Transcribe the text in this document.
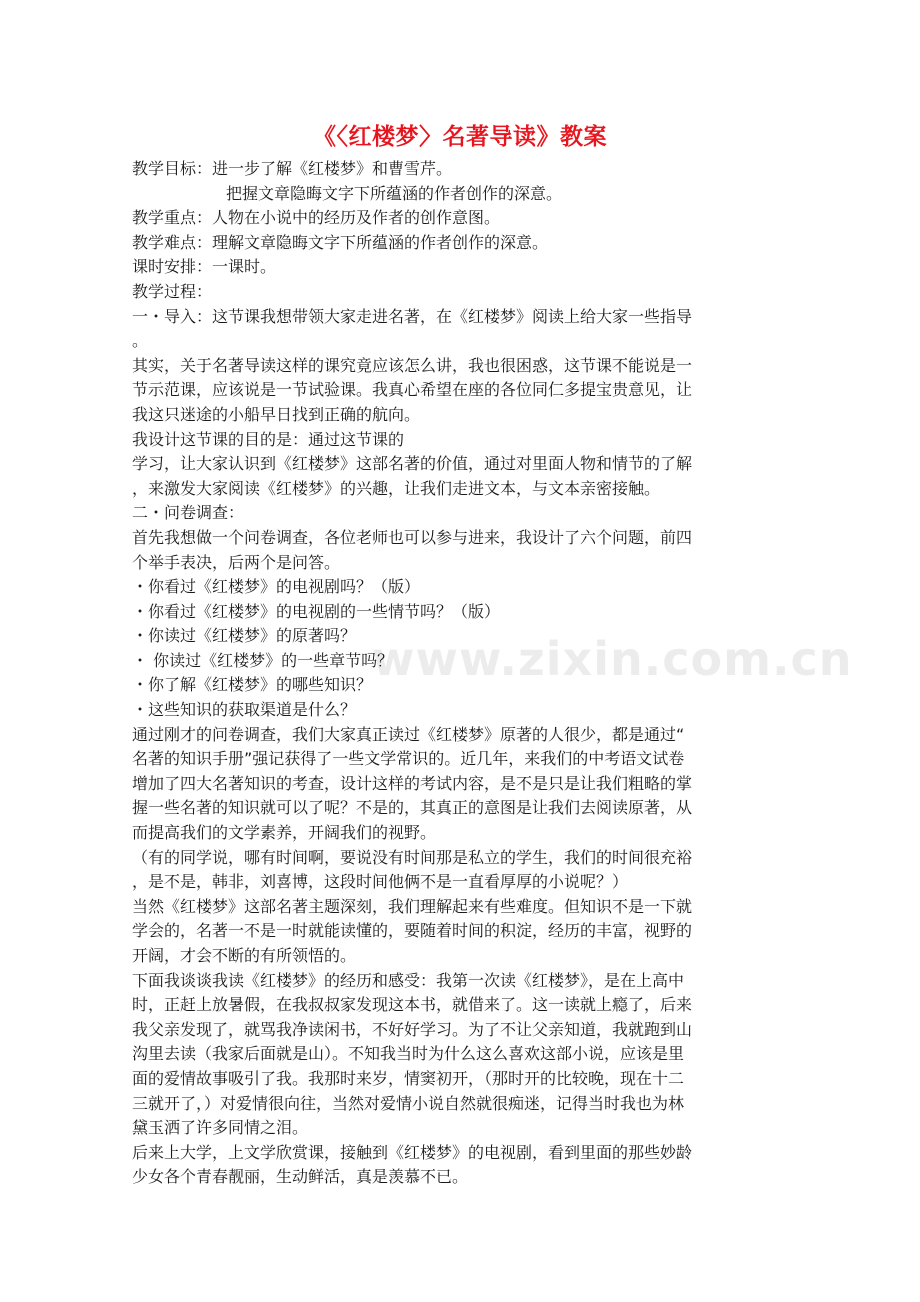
《〈红楼梦〉名著导读》教案

教学目标：进一步了解《红楼梦》和曹雪芹。

把握文章隐晦文字下所蕴涵的作者创作的深意。

教学重点：人物在小说中的经历及作者的创作意图。

教学难点：理解文章隐晦文字下所蕴涵的作者创作的深意。

课时安排：一课时。

教学过程：

一・导入：这节课我想带领大家走进名著，在《红楼梦》阅读上给大家一些指导

。

其实，关于名著导读这样的课究竟应该怎么讲，我也很困惑，这节课不能说是一

节示范课，应该说是一节试验课。我真心希望在座的各位同仁多提宝贵意见，让

我这只迷途的小船早日找到正确的航向。

我设计这节课的目的是：通过这节课的

学习，让大家认识到《红楼梦》这部名著的价值，通过对里面人物和情节的了解

，来激发大家阅读《红楼梦》的兴趣，让我们走进文本，与文本亲密接触。

二・问卷调查：

首先我想做一个问卷调查，各位老师也可以参与进来，我设计了六个问题，前四

个举手表决，后两个是问答。

・你看过《红楼梦》的电视剧吗？（版）

・你看过《红楼梦》的电视剧的一些情节吗？（版）

・你读过《红楼梦》的原著吗？

・ 你读过《红楼梦》的一些章节吗？

・你了解《红楼梦》的哪些知识？

・这些知识的获取渠道是什么？

通过刚才的问卷调查，我们大家真正读过《红楼梦》原著的人很少，都是通过“

名著的知识手册”强记获得了一些文学常识的。近几年，来我们的中考语文试卷

增加了四大名著知识的考查，设计这样的考试内容，是不是只是让我们粗略的掌

握一些名著的知识就可以了呢？不是的，其真正的意图是让我们去阅读原著，从

而提高我们的文学素养，开阔我们的视野。

（有的同学说，哪有时间啊，要说没有时间那是私立的学生，我们的时间很充裕

，是不是，韩非，刘喜博，这段时间他俩不是一直看厚厚的小说呢？）

当然《红楼梦》这部名著主题深刻，我们理解起来有些难度。但知识不是一下就

学会的，名著一不是一时就能读懂的，要随着时间的积淀，经历的丰富，视野的

开阔，才会不断的有所领悟的。

下面我谈谈我读《红楼梦》的经历和感受：我第一次读《红楼梦》，是在上高中

时，正赶上放暑假，在我叔叔家发现这本书，就借来了。这一读就上瘾了，后来

我父亲发现了，就骂我净读闲书，不好好学习。为了不让父亲知道，我就跑到山

沟里去读（我家后面就是山）。不知我当时为什么这么喜欢这部小说，应该是里

面的爱情故事吸引了我。我那时来岁，情窦初开，（那时开的比较晚，现在十二

三就开了，）对爱情很向往，当然对爱情小说自然就很痴迷，记得当时我也为林

黛玉洒了许多同情之泪。

后来上大学，上文学欣赏课，接触到《红楼梦》的电视剧，看到里面的那些妙龄

少女各个青春靓丽，生动鲜活，真是羡慕不已。

www.zixin.com.cn
